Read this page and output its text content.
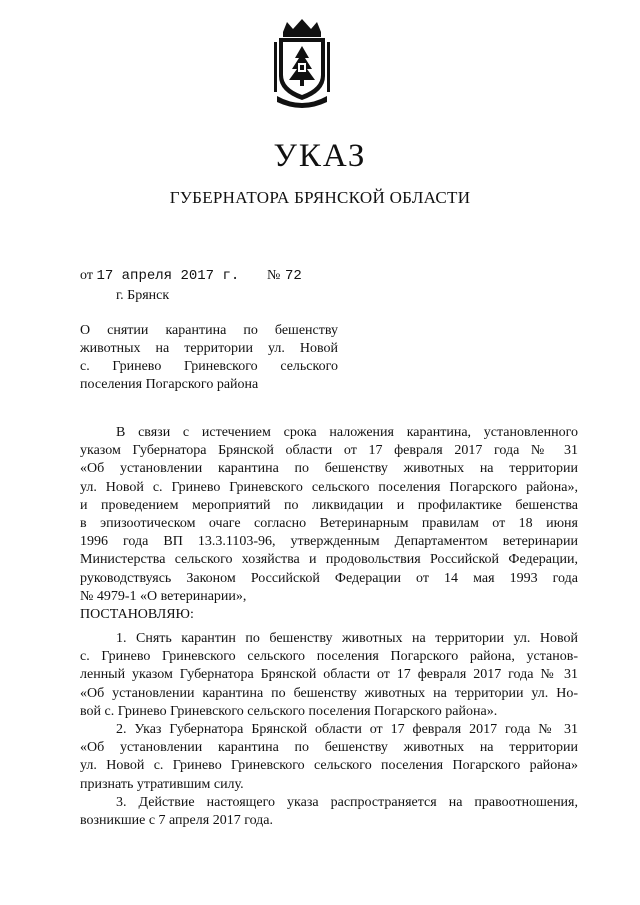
УКАЗ
ГУБЕРНАТОРА БРЯНСКОЙ ОБЛАСТИ
от 17 апреля 2017 г. № 72
г. Брянск
О снятии карантина по бешенству
животных на территории ул. Новой
с. Гринево Гриневского сельского
поселения Погарского района
В связи с истечением срока наложения карантина, установленного
указом Губернатора Брянской области от 17 февраля 2017 года № 31
«Об установлении карантина по бешенству животных на территории
ул. Новой с. Гринево Гриневского сельского поселения Погарского района»,
и проведением мероприятий по ликвидации и профилактике бешенства
в эпизоотическом очаге согласно Ветеринарным правилам от 18 июня
1996 года ВП 13.3.1103-96, утвержденным Департаментом ветеринарии
Министерства сельского хозяйства и продовольствия Российской Федерации,
руководствуясь Законом Российской Федерации от 14 мая 1993 года
№ 4979-1 «О ветеринарии»,
ПОСТАНОВЛЯЮ:
1. Снять карантин по бешенству животных на территории ул. Новой
с. Гринево Гриневского сельского поселения Погарского района, установ-
ленный указом Губернатора Брянской области от 17 февраля 2017 года № 31
«Об установлении карантина по бешенству животных на территории ул. Но-
вой с. Гринево Гриневского сельского поселения Погарского района».
2. Указ Губернатора Брянской области от 17 февраля 2017 года № 31
«Об установлении карантина по бешенству животных на территории
ул. Новой с. Гринево Гриневского сельского поселения Погарского района»
признать утратившим силу.
3. Действие настоящего указа распространяется на правоотношения,
возникшие с 7 апреля 2017 года.
